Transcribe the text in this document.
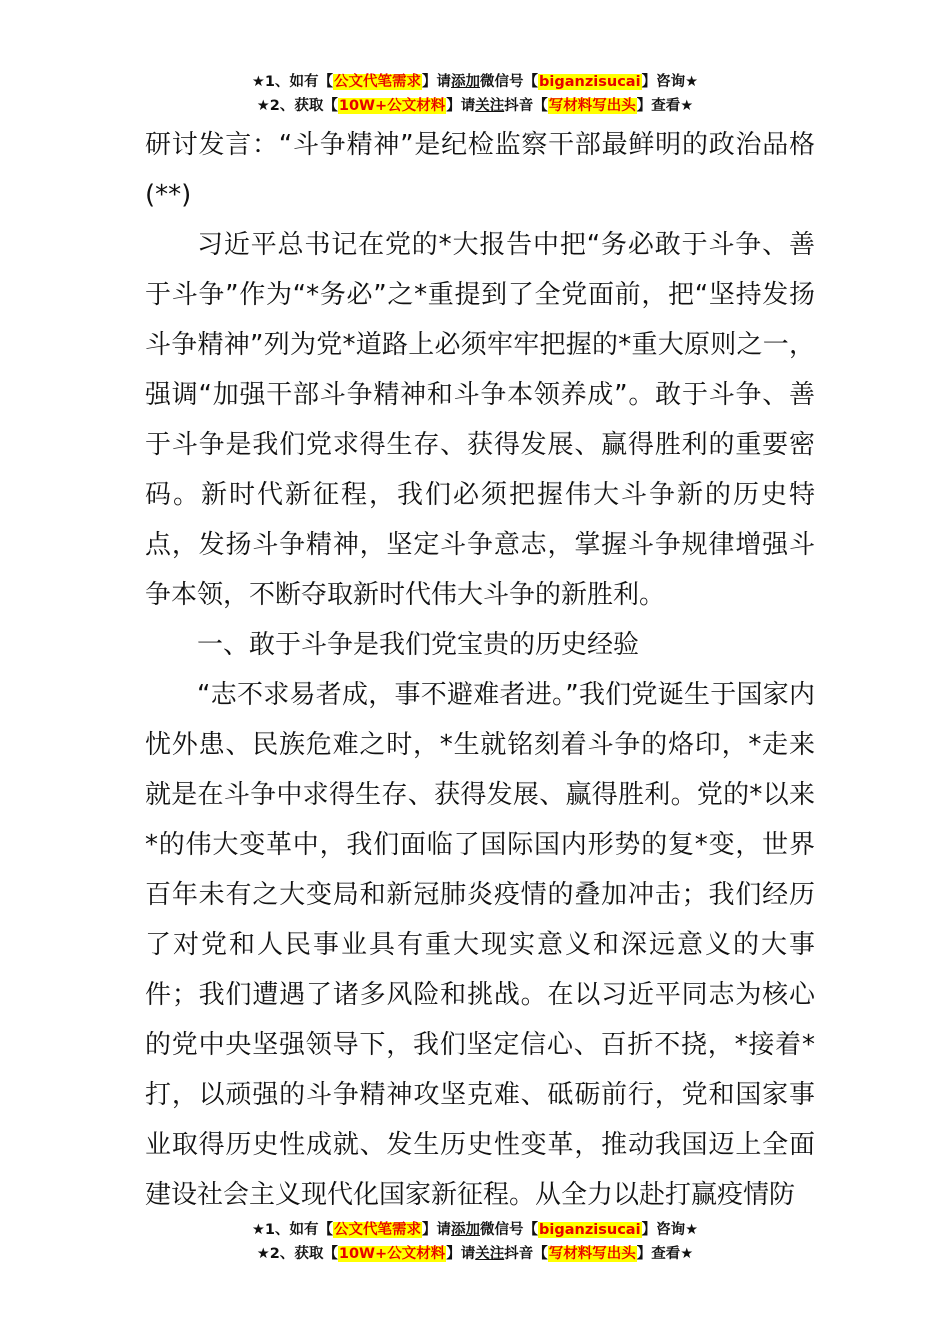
★1、如有【公文代笔需求】请添加微信号【biganzisucai】咨询★
★2、获取【10W+公文材料】请关注抖音【写材料写出头】查看★

研讨发言：“斗争精神”是纪检监察干部最鲜明的政治品格(**)

习近平总书记在党的*大报告中把“务必敢于斗争、善于斗争”作为“*务必”之*重提到了全党面前，把“坚持发扬斗争精神”列为党*道路上必须牢牢把握的*重大原则之一，强调“加强干部斗争精神和斗争本领养成”。敢于斗争、善于斗争是我们党求得生存、获得发展、赢得胜利的重要密码。新时代新征程，我们必须把握伟大斗争新的历史特点，发扬斗争精神，坚定斗争意志，掌握斗争规律增强斗争本领，不断夺取新时代伟大斗争的新胜利。

一、敢于斗争是我们党宝贵的历史经验

“志不求易者成，事不避难者进。”我们党诞生于国家内忧外患、民族危难之时，*生就铭刻着斗争的烙印，*走来就是在斗争中求得生存、获得发展、赢得胜利。党的*以来*的伟大变革中，我们面临了国际国内形势的复*变，世界百年未有之大变局和新冠肺炎疫情的叠加冲击；我们经历了对党和人民事业具有重大现实意义和深远意义的大事件；我们遭遇了诸多风险和挑战。在以习近平同志为核心的党中央坚强领导下，我们坚定信心、百折不挠，*接着*打，以顽强的斗争精神攻坚克难、砥砺前行，党和国家事业取得历史性成就、发生历史性变革，推动我国迈上全面建设社会主义现代化国家新征程。从全力以赴打赢疫情防

★1、如有【公文代笔需求】请添加微信号【biganzisucai】咨询★
★2、获取【10W+公文材料】请关注抖音【写材料写出头】查看★
